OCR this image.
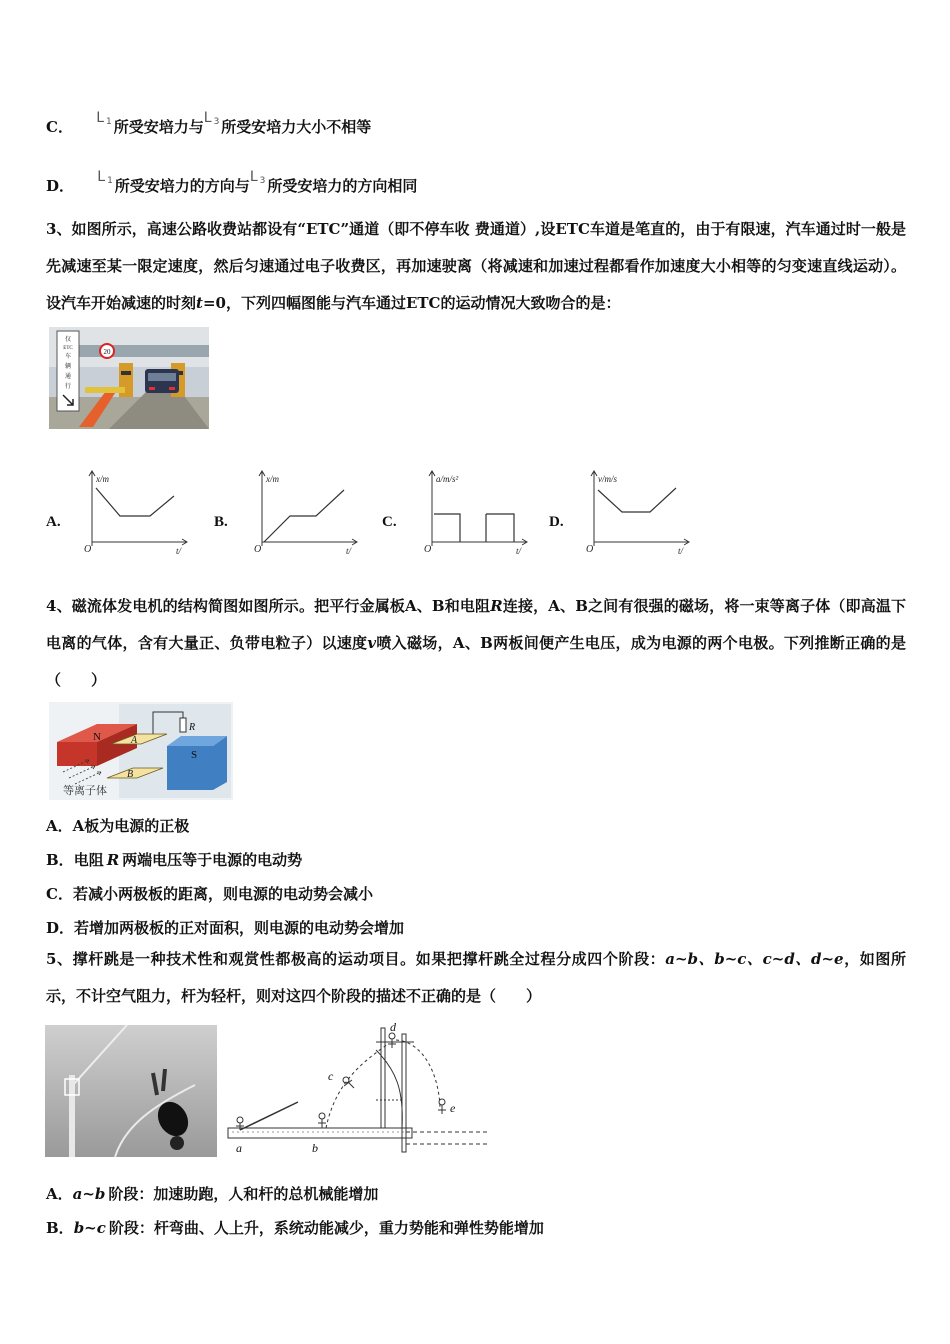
C． L $^1$ 所受安培力与L $^3$ 所受安培力大小不相等
D． L $^1$ 所受安培力的方向与L $^3$ 所受安培力的方向相同
3、如图所示，高速公路收费站都设有“ETC”通道（即不停车收 费通道）,设ETC车道是笔直的，由于有限速，汽车通过时一般是先减速至某一限定速度，然后匀速通过电子收费区，再加速驶离（将减速和加速过程都看作加速度大小相等的匀变速直线运动）。设汽车开始减速的时刻t=0，下列四幅图能与汽车通过ETC的运动情况大致吻合的是：
仅
ETC
车
辆
通
行
20
A.
x/m
O	t/
B.
x/m
O	t/
C.
a/m/s²
O	t/
D.
v/m/s
O	t/
4、磁流体发电机的结构简图如图所示。把平行金属板A、B和电阻R连接，A、B之间有很强的磁场，将一束等离子体（即高温下电离的气体，含有大量正、负带电粒子）以速度v喷入磁场，A、B两板间便产生电压，成为电源的两个电极。下列推断正确的是（　　）
N
S
A
B
R
等离子体
A．A板为电源的正极
B．电阻 R 两端电压等于电源的电动势
C．若减小两极板的距离，则电源的电动势会减小
D．若增加两极板的正对面积，则电源的电动势会增加
5、撑杆跳是一种技术性和观赏性都极高的运动项目。如果把撑杆跳全过程分成四个阶段：a~b、b~c、c~d、d~e，如图所示，不计空气阻力，杆为轻杆，则对这四个阶段的描述不正确的是（　　）
a	b
c
d
e
A．a~b 阶段：加速助跑，人和杆的总机械能增加
B．b~c 阶段：杆弯曲、人上升，系统动能减少，重力势能和弹性势能增加
